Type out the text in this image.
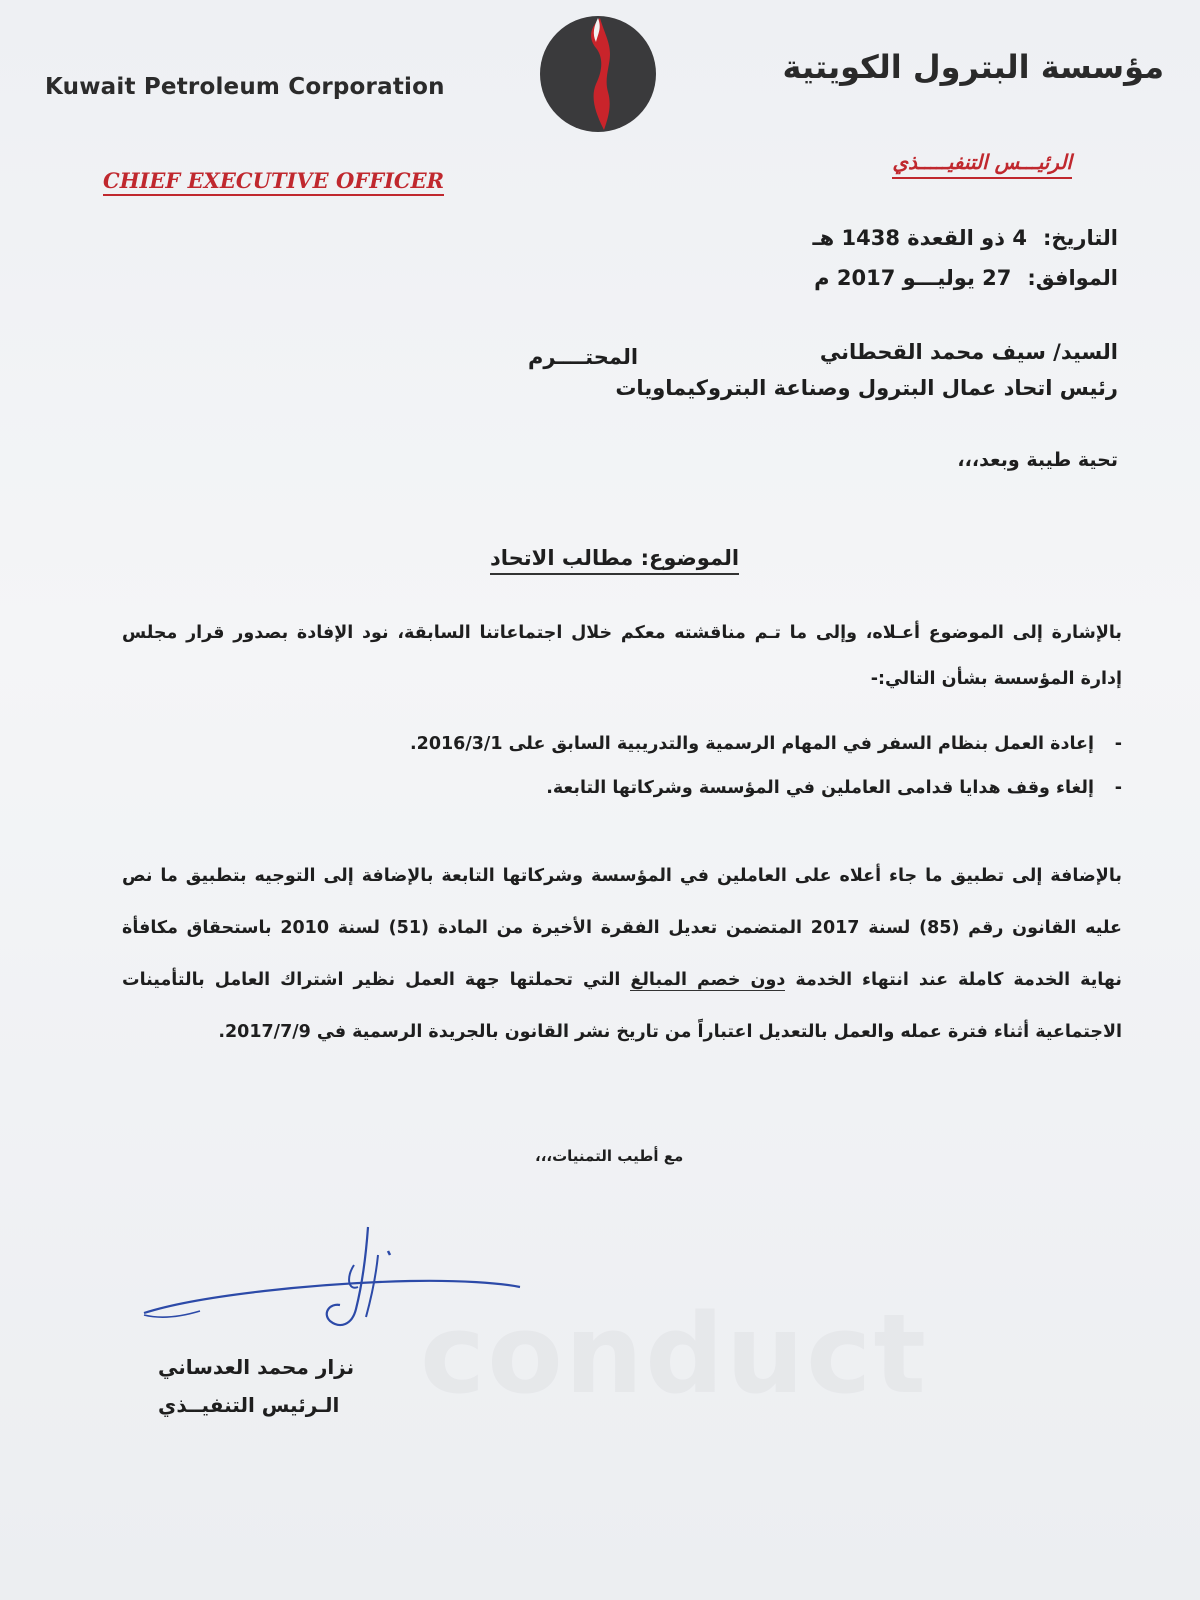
Kuwait Petroleum Corporation
مؤسسة البترول الكويتية
CHIEF EXECUTIVE OFFICER
الرئيـــس التنفيـــــذي
التاريخ:4 ذو القعدة 1438 هـ
الموافق:27 يوليـــو 2017 م
السيد/ سيف محمد القحطاني
المحتــــرم
رئيس اتحاد عمال البترول وصناعة البتروكيماويات
تحية طيبة وبعد،،،
الموضوع: مطالب الاتحاد
بالإشارة إلى الموضوع أعـلاه، وإلى ما تـم مناقشته معكم خلال اجتماعاتنا السابقة، نود الإفادة بصدور قرار مجلس إدارة المؤسسة بشأن التالي:-
-
إعادة العمل بنظام السفر في المهام الرسمية والتدريبية السابق على 2016/3/1.
-
إلغاء وقف هدايا قدامى العاملين في المؤسسة وشركاتها التابعة.
بالإضافة إلى تطبيق ما جاء أعلاه على العاملين في المؤسسة وشركاتها التابعة بالإضافة إلى التوجيه بتطبيق ما نص عليه القانون رقم (85) لسنة 2017 المتضمن تعديل الفقرة الأخيرة من المادة (51) لسنة 2010 باستحقاق مكافأة نهاية الخدمة كاملة عند انتهاء الخدمة دون خصم المبالغ التي تحملتها جهة العمل نظير اشتراك العامل بالتأمينات الاجتماعية أثناء فترة عمله والعمل بالتعديل اعتباراً من تاريخ نشر القانون بالجريدة الرسمية في 2017/7/9.
مع أطيب التمنيات،،،
نزار محمد العدساني
الـرئيس التنفيــذي
